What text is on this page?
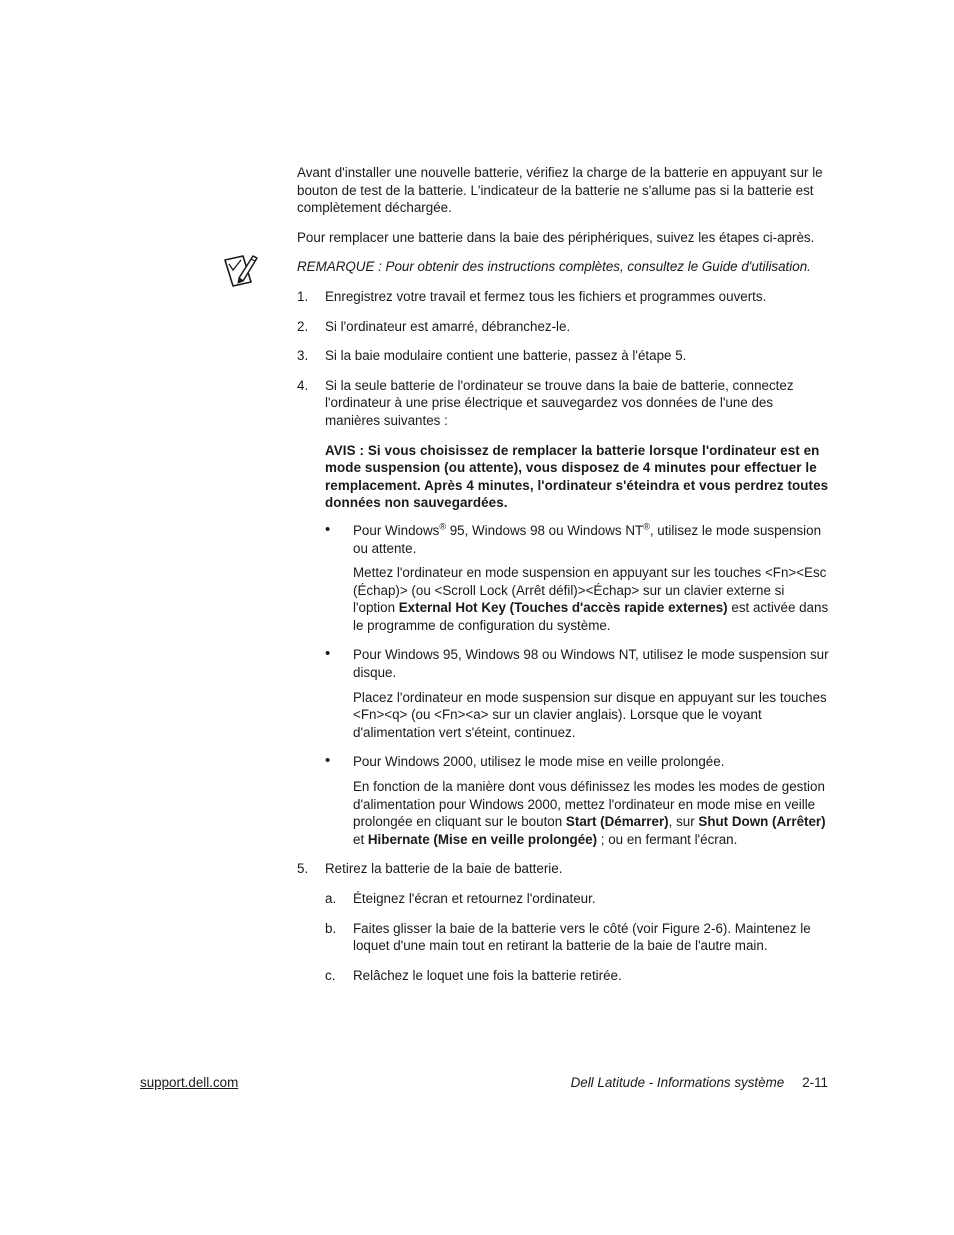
Avant d'installer une nouvelle batterie, vérifiez la charge de la batterie en appuyant sur le bouton de test de la batterie. L'indicateur de la batterie ne s'allume pas si la batterie est complètement déchargée.

Pour remplacer une batterie dans la baie des périphériques, suivez les étapes ci-après.

REMARQUE : Pour obtenir des instructions complètes, consultez le Guide d'utilisation.

1. Enregistrez votre travail et fermez tous les fichiers et programmes ouverts.

2. Si l'ordinateur est amarré, débranchez-le.

3. Si la baie modulaire contient une batterie, passez à l'étape 5.

4. Si la seule batterie de l'ordinateur se trouve dans la baie de batterie, connectez l'ordinateur à une prise électrique et sauvegardez vos données de l'une des manières suivantes :

AVIS : Si vous choisissez de remplacer la batterie lorsque l'ordinateur est en mode suspension (ou attente), vous disposez de 4 minutes pour effectuer le remplacement. Après 4 minutes, l'ordinateur s'éteindra et vous perdrez toutes données non sauvegardées.

• Pour Windows® 95, Windows 98 ou Windows NT®, utilisez le mode suspension ou attente.

Mettez l'ordinateur en mode suspension en appuyant sur les touches <Fn><Esc (Échap)> (ou <Scroll Lock (Arrêt défil)><Échap> sur un clavier externe si l'option External Hot Key (Touches d'accès rapide externes) est activée dans le programme de configuration du système.

• Pour Windows 95, Windows 98 ou Windows NT, utilisez le mode suspension sur disque.

Placez l'ordinateur en mode suspension sur disque en appuyant sur les touches <Fn><q> (ou <Fn><a> sur un clavier anglais). Lorsque que le voyant d'alimentation vert s'éteint, continuez.

• Pour Windows 2000, utilisez le mode mise en veille prolongée.

En fonction de la manière dont vous définissez les modes les modes de gestion d'alimentation pour Windows 2000, mettez l'ordinateur en mode mise en veille prolongée en cliquant sur le bouton Start (Démarrer), sur Shut Down (Arrêter) et Hibernate (Mise en veille prolongée) ; ou en fermant l'écran.

5. Retirez la batterie de la baie de batterie.

a. Éteignez l'écran et retournez l'ordinateur.

b. Faites glisser la baie de la batterie vers le côté (voir Figure 2-6). Maintenez le loquet d'une main tout en retirant la batterie de la baie de l'autre main.

c. Relâchez le loquet une fois la batterie retirée.

support.dell.com	Dell Latitude - Informations système 2-11
